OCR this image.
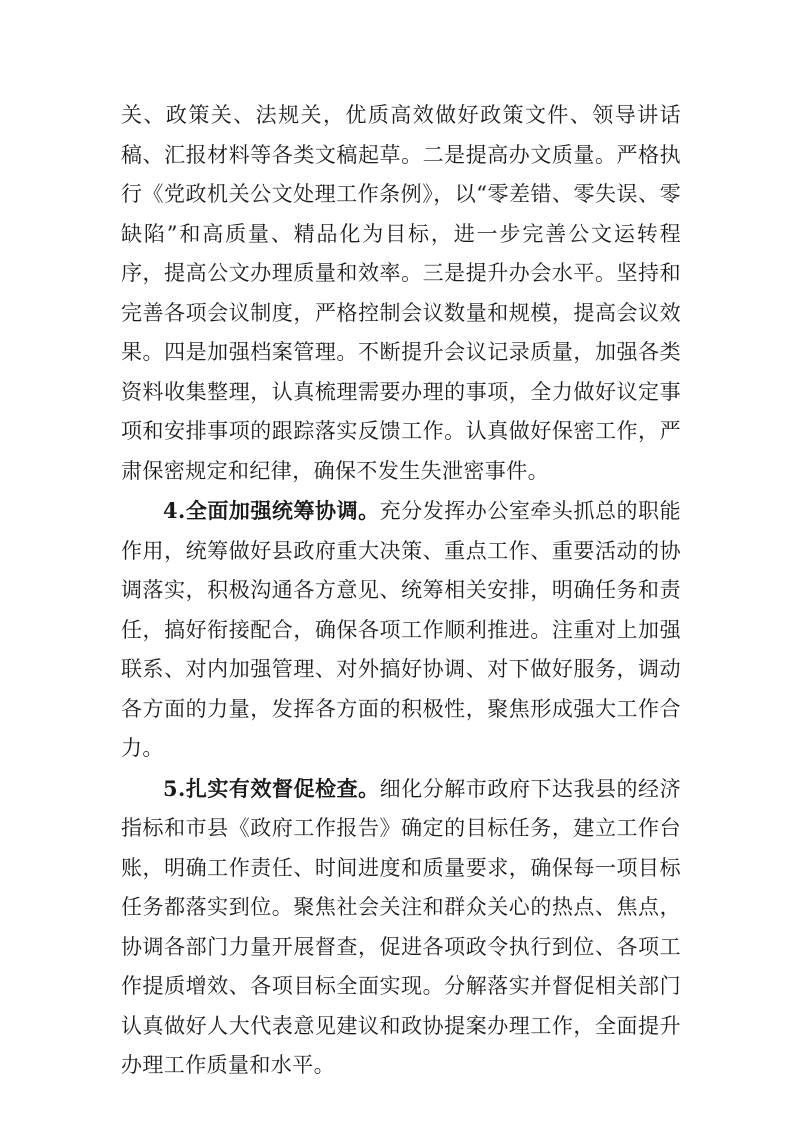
关、政策关、法规关，优质高效做好政策文件、领导讲话稿、汇报材料等各类文稿起草。二是提高办文质量。严格执行《党政机关公文处理工作条例》，以“零差错、零失误、零缺陷”和高质量、精品化为目标，进一步完善公文运转程序，提高公文办理质量和效率。三是提升办会水平。坚持和完善各项会议制度，严格控制会议数量和规模，提高会议效果。四是加强档案管理。不断提升会议记录质量，加强各类资料收集整理，认真梳理需要办理的事项，全力做好议定事项和安排事项的跟踪落实反馈工作。认真做好保密工作，严肃保密规定和纪律，确保不发生失泄密事件。

4.全面加强统筹协调。充分发挥办公室牵头抓总的职能作用，统筹做好县政府重大决策、重点工作、重要活动的协调落实，积极沟通各方意见、统筹相关安排，明确任务和责任，搞好衔接配合，确保各项工作顺利推进。注重对上加强联系、对内加强管理、对外搞好协调、对下做好服务，调动各方面的力量，发挥各方面的积极性，聚焦形成强大工作合力。

5.扎实有效督促检查。细化分解市政府下达我县的经济指标和市县《政府工作报告》确定的目标任务，建立工作台账，明确工作责任、时间进度和质量要求，确保每一项目标任务都落实到位。聚焦社会关注和群众关心的热点、焦点，协调各部门力量开展督查，促进各项政令执行到位、各项工作提质增效、各项目标全面实现。分解落实并督促相关部门认真做好人大代表意见建议和政协提案办理工作，全面提升办理工作质量和水平。
